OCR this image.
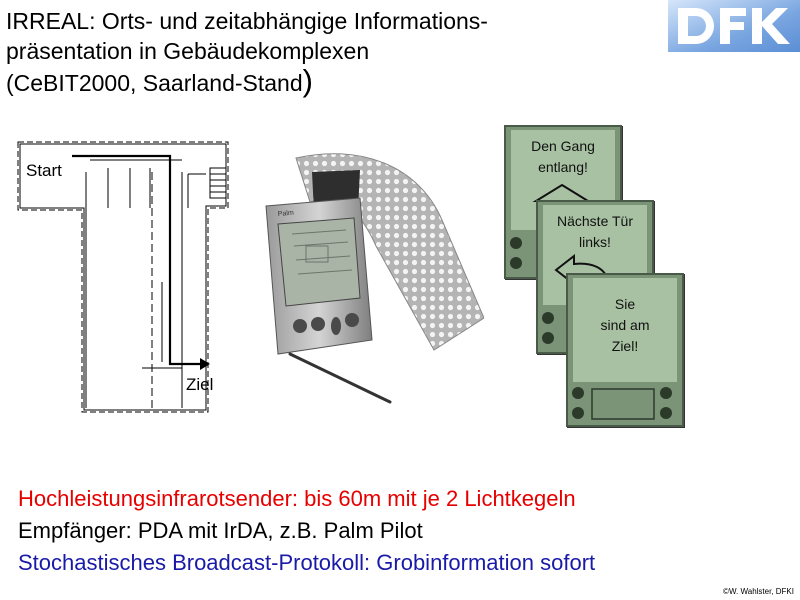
IRREAL: Orts- und zeitabhängige Informations-
präsentation in Gebäudekomplexen
(CeBIT2000, Saarland-Stand)
Start
Ziel
Palm
Den Gang
entlang!
Nächste Tür
links!
Sie
sind am
Ziel!
Hochleistungsinfrarotsender: bis 60m mit je 2 Lichtkegeln
Empfänger: PDA mit IrDA, z.B. Palm Pilot
Stochastisches Broadcast-Protokoll: Grobinformation sofort
©W. Wahlster, DFKI
